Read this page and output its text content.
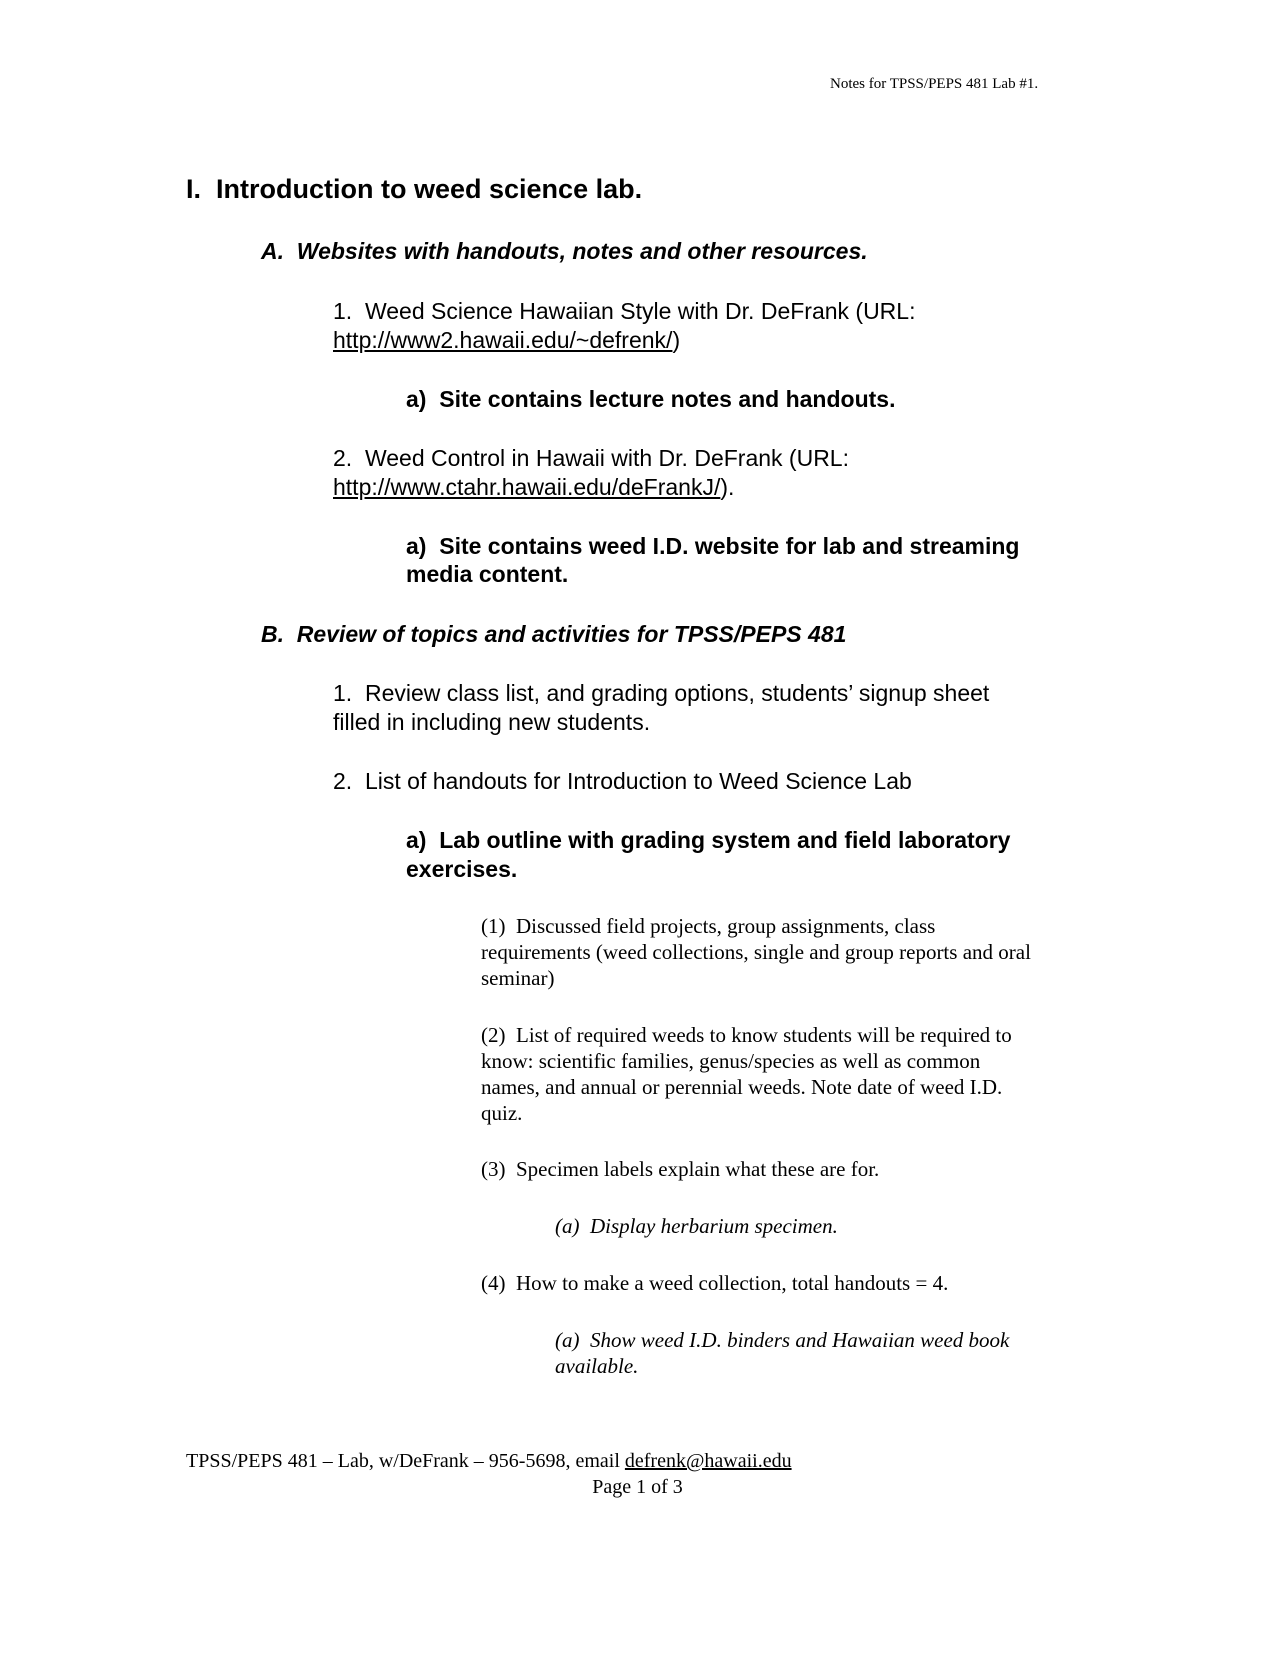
Notes for TPSS/PEPS 481 Lab #1.
I. Introduction to weed science lab.
A. Websites with handouts, notes and other resources.
1. Weed Science Hawaiian Style with Dr. DeFrank (URL:
http://www2.hawaii.edu/~defrenk/)
a) Site contains lecture notes and handouts.
2. Weed Control in Hawaii with Dr. DeFrank (URL:
http://www.ctahr.hawaii.edu/deFrankJ/).
a) Site contains weed I.D. website for lab and streaming
media content.
B. Review of topics and activities for TPSS/PEPS 481
1. Review class list, and grading options, students’ signup sheet
filled in including new students.
2. List of handouts for Introduction to Weed Science Lab
a) Lab outline with grading system and field laboratory
exercises.
(1) Discussed field projects, group assignments, class
requirements (weed collections, single and group reports and oral
seminar)
(2) List of required weeds to know students will be required to
know: scientific families, genus/species as well as common
names, and annual or perennial weeds. Note date of weed I.D.
quiz.
(3) Specimen labels explain what these are for.
(a) Display herbarium specimen.
(4) How to make a weed collection, total handouts = 4.
(a) Show weed I.D. binders and Hawaiian weed book
available.
TPSS/PEPS 481 – Lab, w/DeFrank – 956-5698, email defrenk@hawaii.edu
Page 1 of 3
